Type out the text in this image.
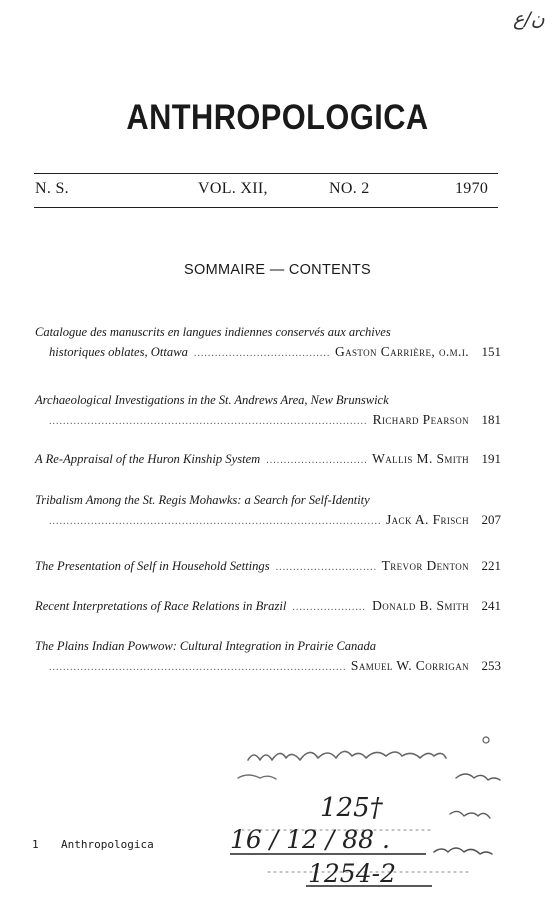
ن/ع
ANTHROPOLOGICA
N. S.	VOL. XII,	NO. 2	1970
SOMMAIRE — CONTENTS
Catalogue des manuscrits en langues indiennes conservés aux archives
historiques oblates, Ottawa .....	Gaston Carrière, o.m.i. 151
Archaeological Investigations in the St. Andrews Area, New Brunswick
.....
Richard Pearson 181
A Re-Appraisal of the Huron Kinship System .....	Wallis M. Smith 191
Tribalism Among the St. Regis Mohawks: a Search for Self-Identity
.....
Jack A. Frisch 207
The Presentation of Self in Household Settings .....	Trevor Denton 221
Recent Interpretations of Race Relations in Brazil .....	Donald B. Smith 241
The Plains Indian Powwow: Cultural Integration in Prairie Canada
.....
Samuel W. Corrigan 253
125†
16 / 12 / 88 .
1254-2
1 Anthropologica
